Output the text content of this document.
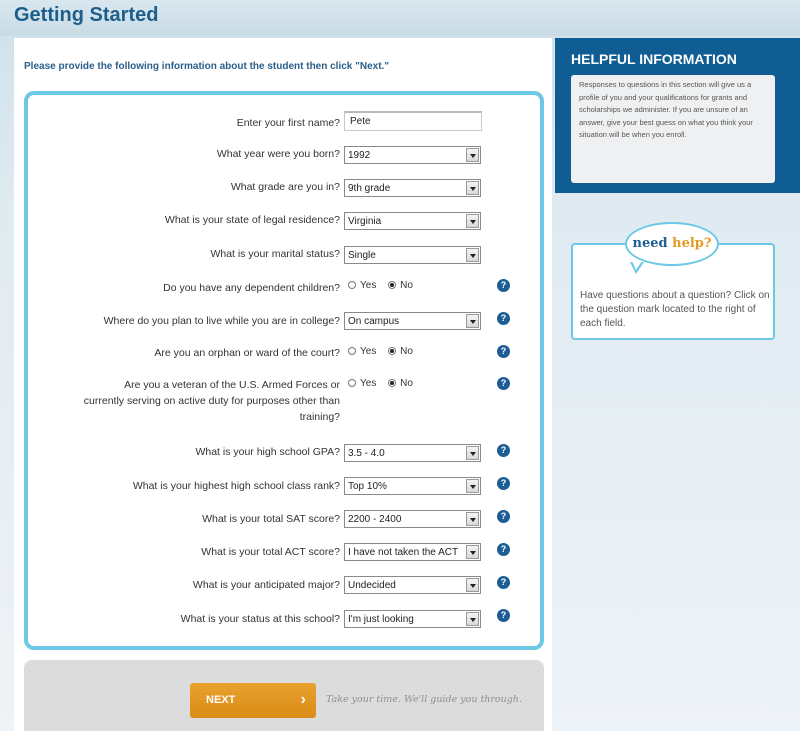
Getting Started
Please provide the following information about the student then click "Next."
Enter your first name?
Pete
What year were you born? 1992
What grade are you in? 9th grade
What is your state of legal residence? Virginia
What is your marital status? Single
Do you have any dependent children?	Yes No	?
Where do you plan to live while you are in college? On campus	?
Are you an orphan or ward of the court?	Yes No	?
Are you a veteran of the U.S. Armed Forces or
currently serving on active duty for purposes other than
training?
Yes No	?
What is your high school GPA? 3.5 - 4.0	?
What is your highest high school class rank? Top 10%	?
What is your total SAT score? 2200 - 2400	?
What is your total ACT score? I have not taken the ACT	?
What is your anticipated major? Undecided	?
What is your status at this school? I'm just looking	?
NEXT	› Take your time. We'll guide you through.
HELPFUL INFORMATION
Responses to questions in this section will give us a profile of you and your qualifications for grants and scholarships we administer. If you are unsure of an answer, give your best guess on what you think your situation will be when you enroll.
need help?
Have questions about a question? Click on the question mark located to the right of each field.
